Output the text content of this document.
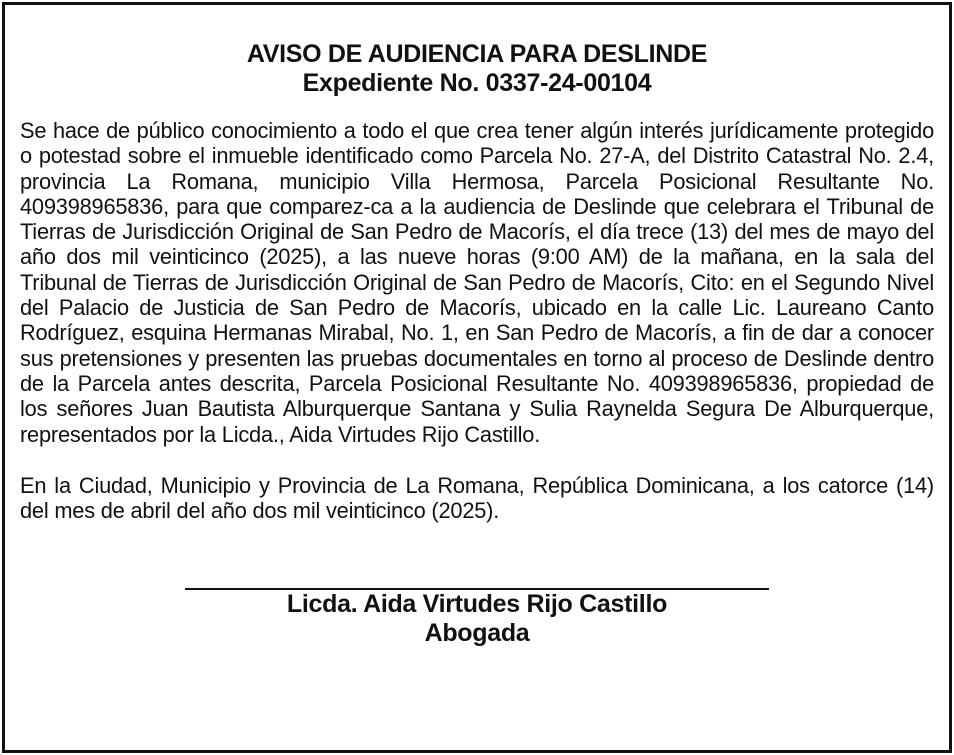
AVISO DE AUDIENCIA PARA DESLINDE
Expediente No. 0337-24-00104

Se hace de público conocimiento a todo el que crea tener algún interés jurídicamente protegido o potestad sobre el inmueble identificado como Parcela No. 27-A, del Distrito Catastral No. 2.4, provincia La Romana, municipio Villa Hermosa, Parcela Posicional Resultante No. 409398965836, para que comparez-ca a la audiencia de Deslinde que celebrara el Tribunal de Tierras de Jurisdicción Original de San Pedro de Macorís, el día trece (13) del mes de mayo del año dos mil veinticinco (2025), a las nueve horas (9:00 AM) de la mañana, en la sala del Tribunal de Tierras de Jurisdicción Original de San Pedro de Macorís, Cito: en el Segundo Nivel del Palacio de Justicia de San Pedro de Macorís, ubicado en la calle Lic. Laureano Canto Rodríguez, esquina Hermanas Mirabal, No. 1, en San Pedro de Macorís, a fin de dar a conocer sus pretensiones y presenten las pruebas documentales en torno al proceso de Deslinde dentro de la Parcela antes descrita, Parcela Posicional Resultante No. 409398965836, propiedad de los señores Juan Bautista Alburquerque Santana y Sulia Raynelda Segura De Alburquerque, representados por la Licda., Aida Virtudes Rijo Castillo.

En la Ciudad, Municipio y Provincia de La Romana, República Dominicana, a los catorce (14) del mes de abril del año dos mil veinticinco (2025).

Licda. Aida Virtudes Rijo Castillo
Abogada
